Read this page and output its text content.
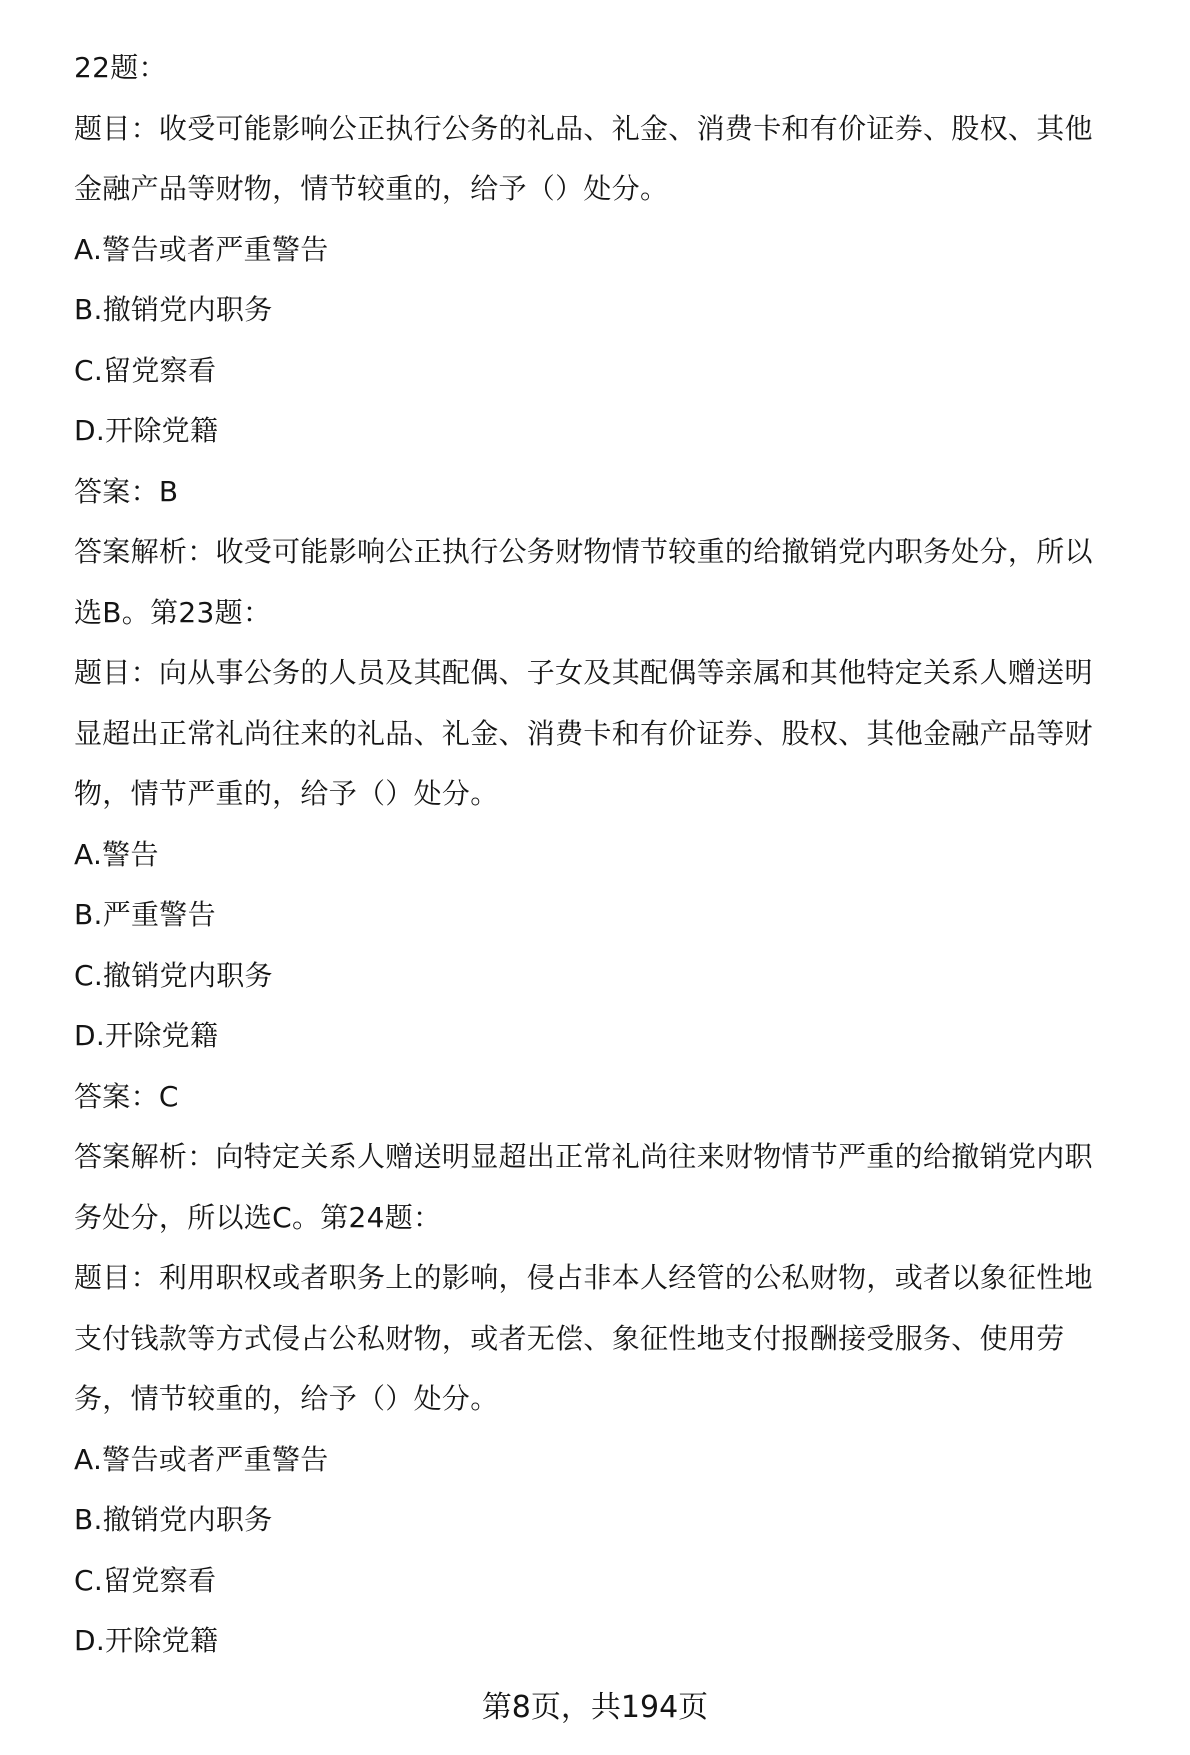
22题：
题目：收受可能影响公正执行公务的礼品、礼金、消费卡和有价证券、股权、其他
金融产品等财物，情节较重的，给予（）处分。
A.警告或者严重警告
B.撤销党内职务
C.留党察看
D.开除党籍
答案：B
答案解析：收受可能影响公正执行公务财物情节较重的给撤销党内职务处分，所以
选B。第23题：
题目：向从事公务的人员及其配偶、子女及其配偶等亲属和其他特定关系人赠送明
显超出正常礼尚往来的礼品、礼金、消费卡和有价证券、股权、其他金融产品等财
物，情节严重的，给予（）处分。
A.警告
B.严重警告
C.撤销党内职务
D.开除党籍
答案：C
答案解析：向特定关系人赠送明显超出正常礼尚往来财物情节严重的给撤销党内职
务处分，所以选C。第24题：
题目：利用职权或者职务上的影响，侵占非本人经管的公私财物，或者以象征性地
支付钱款等方式侵占公私财物，或者无偿、象征性地支付报酬接受服务、使用劳
务，情节较重的，给予（）处分。
A.警告或者严重警告
B.撤销党内职务
C.留党察看
D.开除党籍
第8页，共194页
